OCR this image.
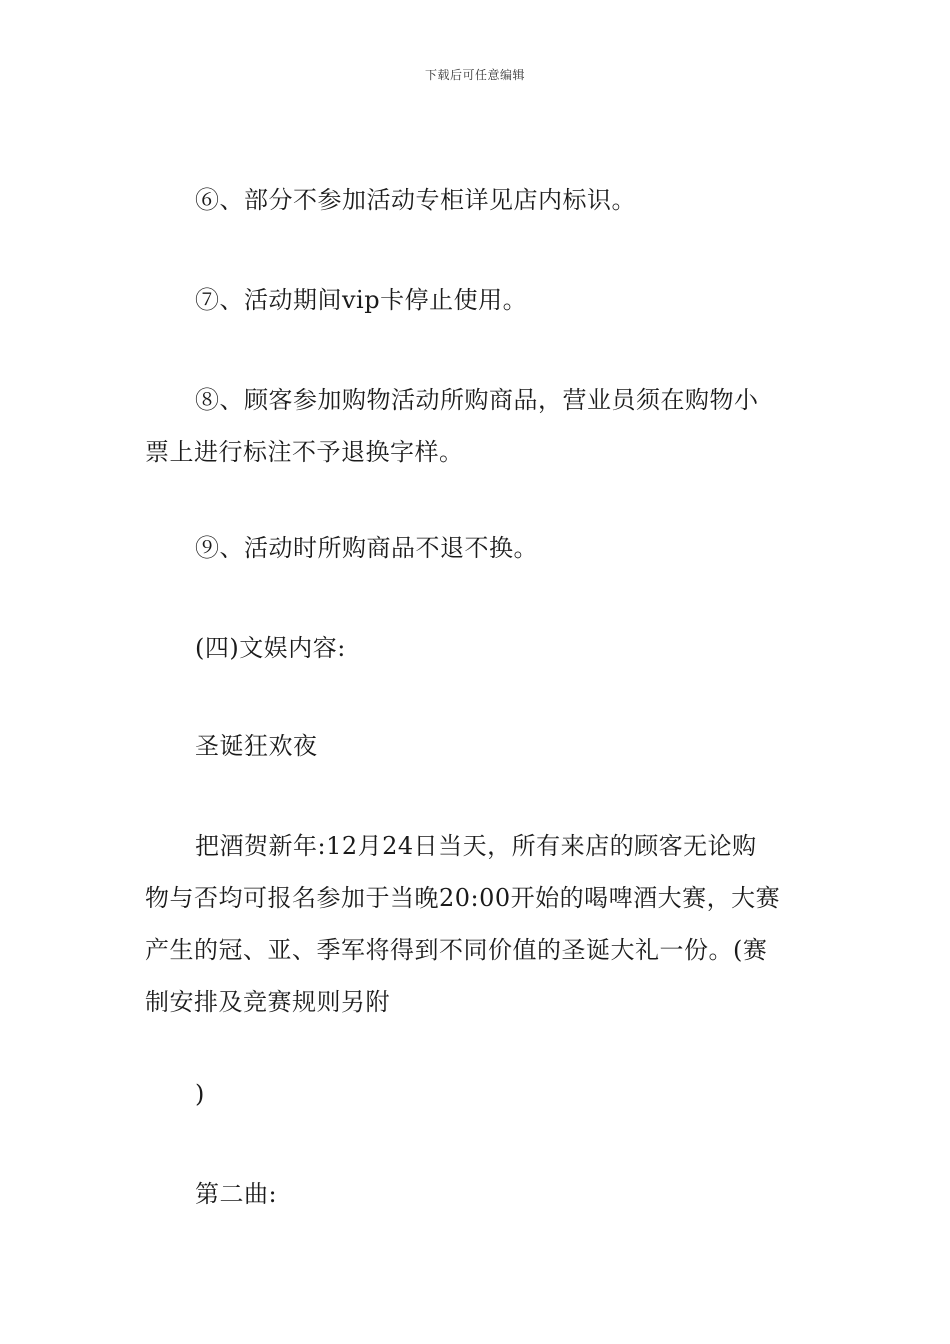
下载后可任意编辑

⑥、部分不参加活动专柜详见店内标识。

⑦、活动期间vip卡停止使用。

⑧、顾客参加购物活动所购商品，营业员须在购物小
票上进行标注不予退换字样。

⑨、活动时所购商品不退不换。

(四)文娱内容:

圣诞狂欢夜

把酒贺新年:12月24日当天，所有来店的顾客无论购
物与否均可报名参加于当晚20:00开始的喝啤酒大赛，大赛
产生的冠、亚、季军将得到不同价值的圣诞大礼一份。(赛
制安排及竞赛规则另附

)

第二曲:
